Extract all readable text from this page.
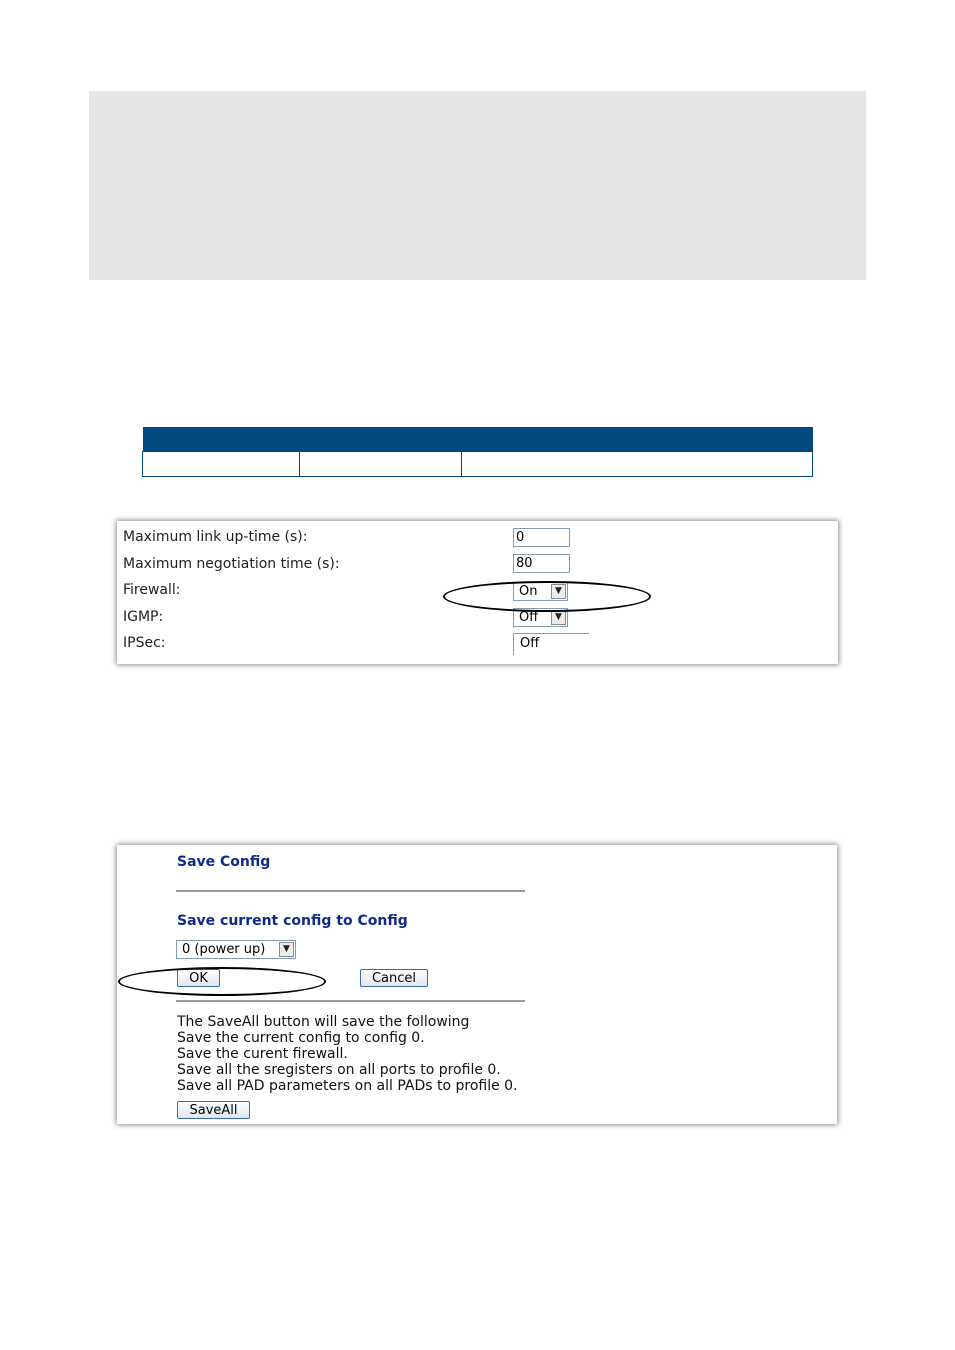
Maximum link up-time (s):	0
Maximum negotiation time (s):	80
Firewall:	On	▼
IGMP:	Off	▼
IPSec:	Off
Save Config
Save current config to Config
0 (power up)	▼
OK	Cancel
The SaveAll button will save the following
Save the current config to config 0.
Save the curent firewall.
Save all the sregisters on all ports to profile 0.
Save all PAD parameters on all PADs to profile 0.
SaveAll
